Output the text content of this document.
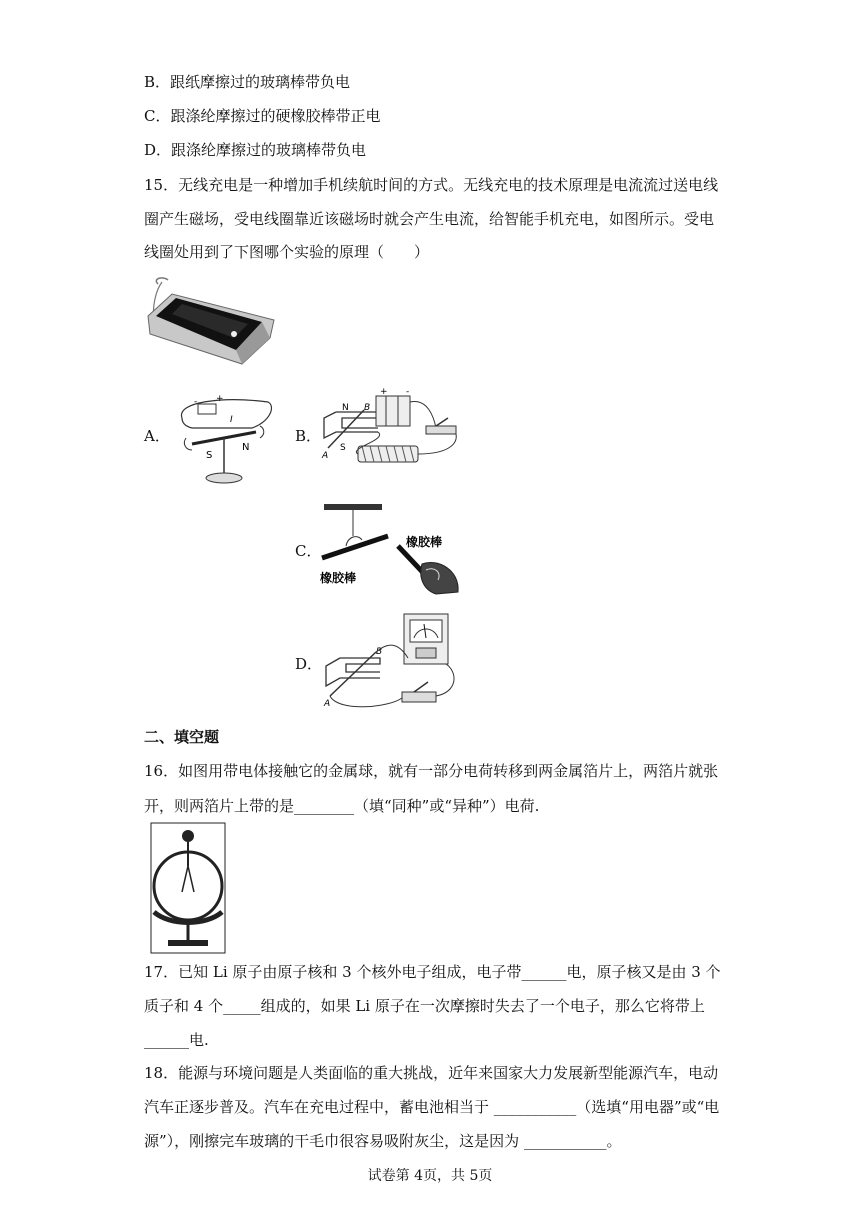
B．跟纸摩擦过的玻璃棒带负电
C．跟涤纶摩擦过的硬橡胶棒带正电
D．跟涤纶摩擦过的玻璃棒带负电
15．无线充电是一种增加手机续航时间的方式。无线充电的技术原理是电流流过送电线
圈产生磁场，受电线圈靠近该磁场时就会产生电流，给智能手机充电，如图所示。受电
线圈处用到了下图哪个实验的原理（　　）
A．
- +
I
S
N
B．
N
S
A
B
+ -
C．
橡胶棒
橡胶棒
D．
A
B
二、填空题
16．如图用带电体接触它的金属球，就有一部分电荷转移到两金属箔片上，两箔片就张
开，则两箔片上带的是________（填“同种”或“异种”）电荷.
17．已知 Li 原子由原子核和 3 个核外电子组成，电子带______电，原子核又是由 3 个
质子和 4 个_____组成的，如果 Li 原子在一次摩擦时失去了一个电子，那么它将带上
______电.
18．能源与环境问题是人类面临的重大挑战，近年来国家大力发展新型能源汽车，电动
汽车正逐步普及。汽车在充电过程中，蓄电池相当于 ___________（选填“用电器”或“电
源”），刚擦完车玻璃的干毛巾很容易吸附灰尘，这是因为 ___________。
试卷第 4页，共 5页
